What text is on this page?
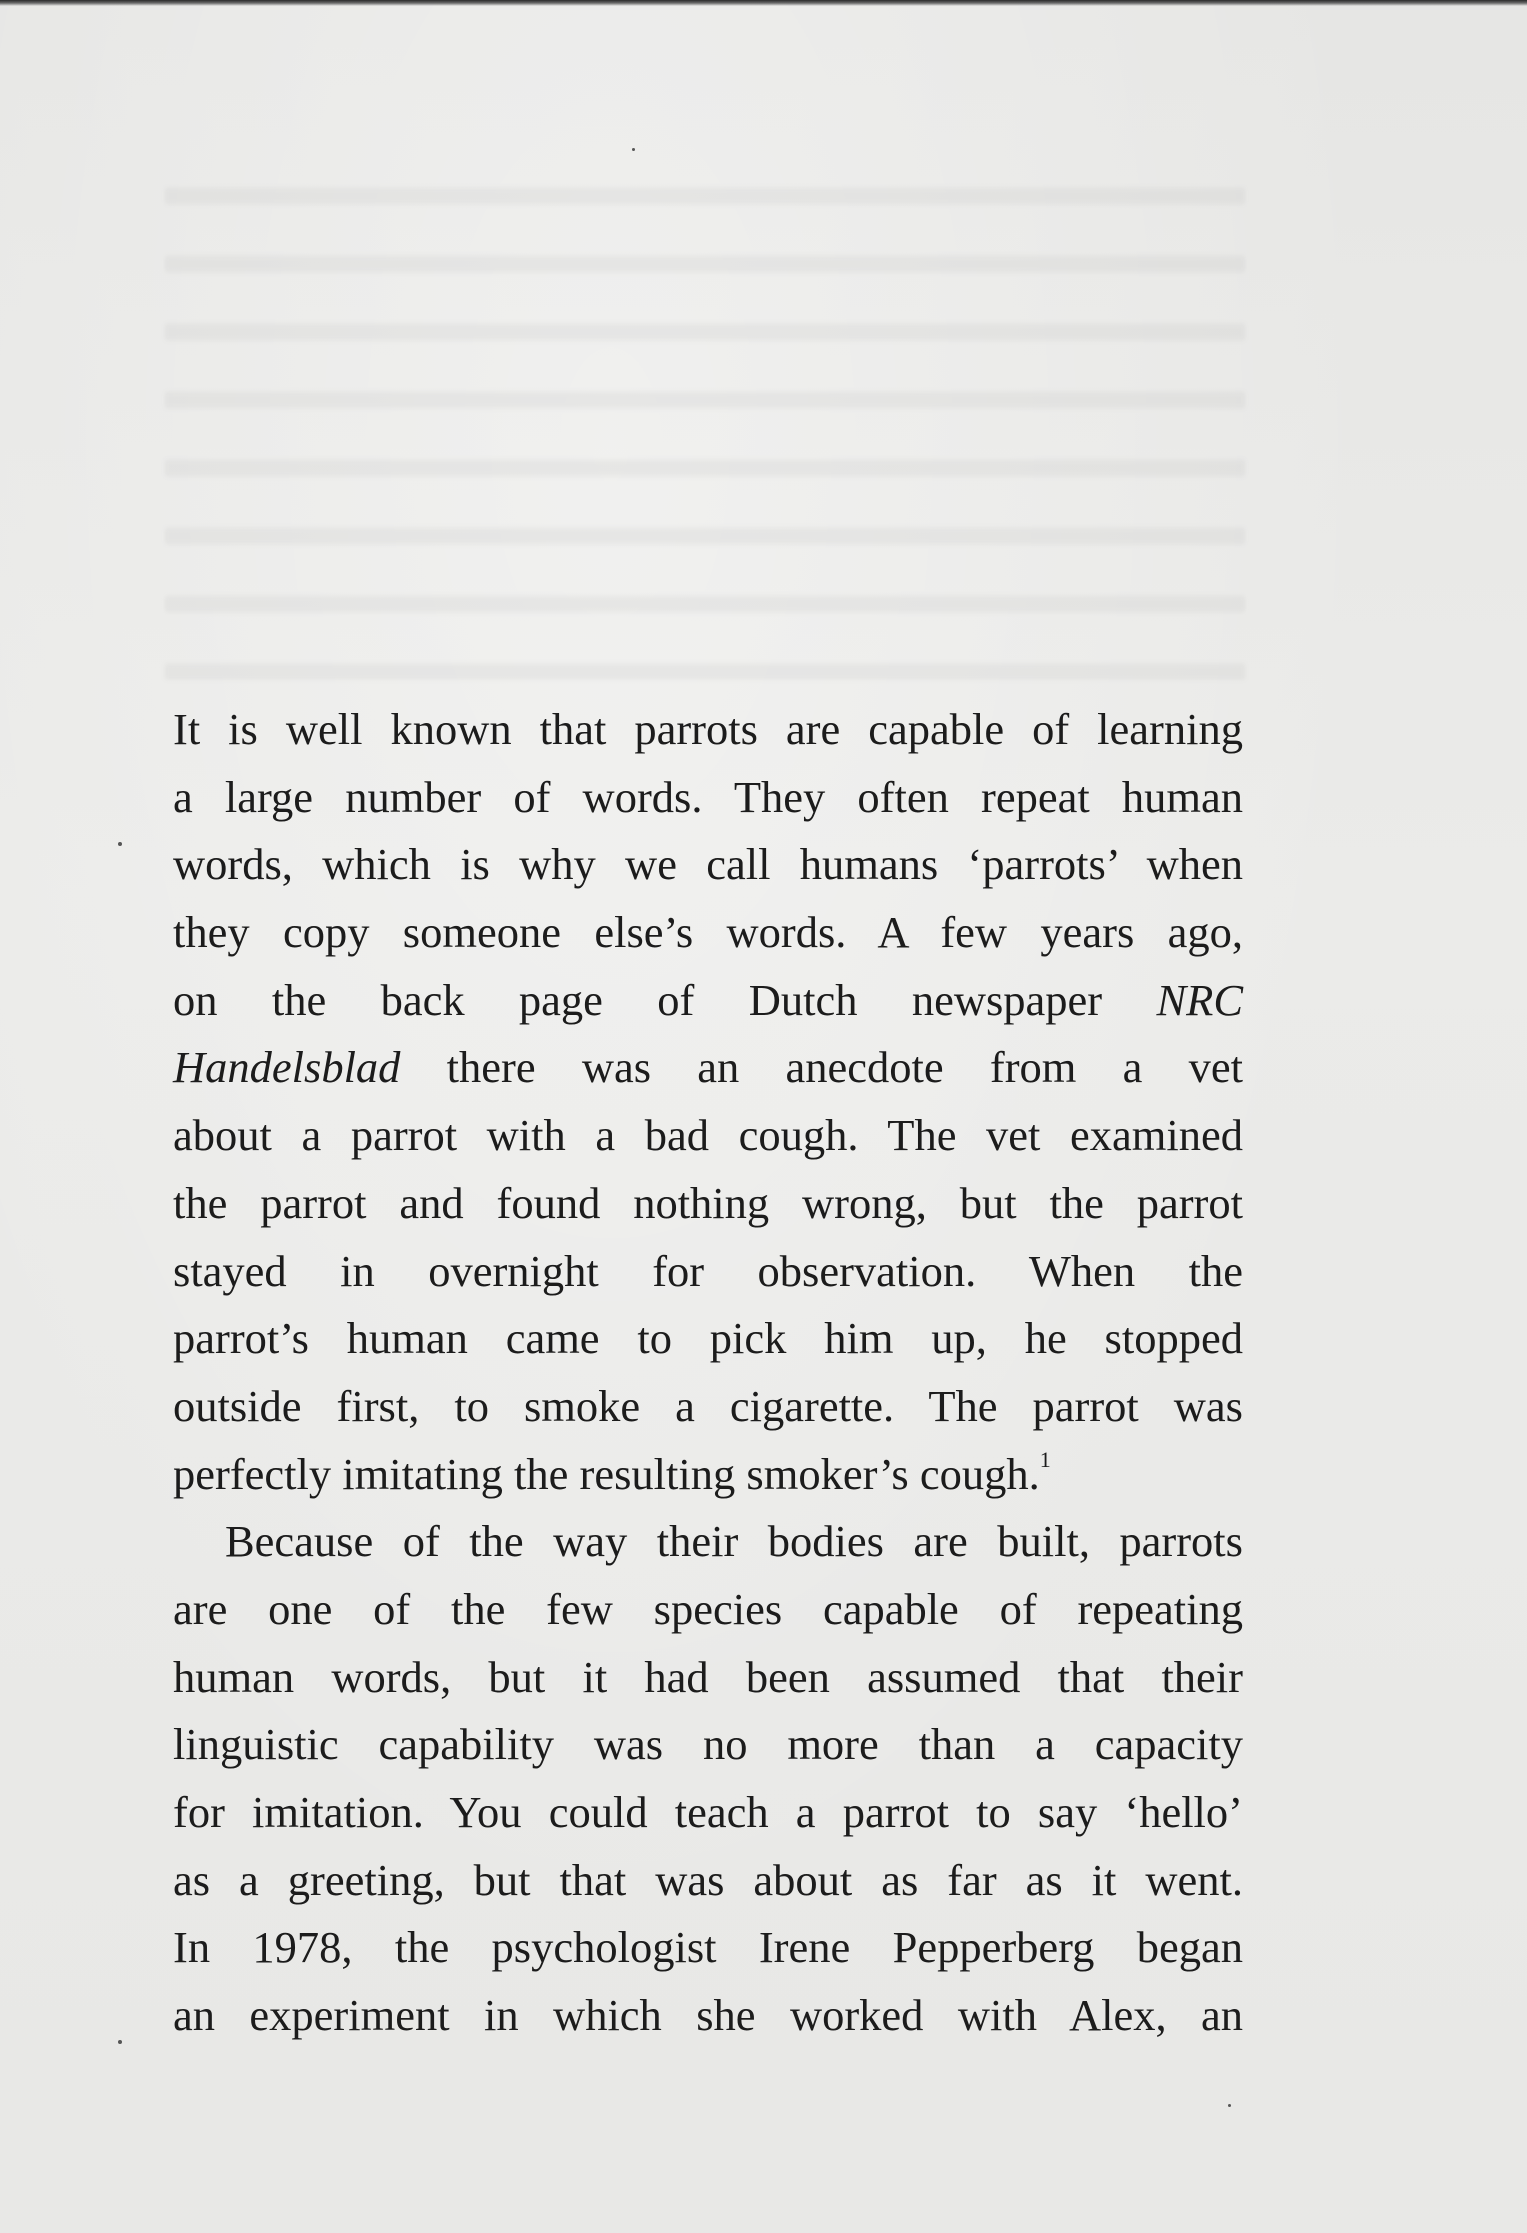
It is well known that parrots are capable of learning
a large number of words. They often repeat human
words, which is why we call humans ‘parrots’ when
they copy someone else’s words. A few years ago,
on the back page of Dutch newspaper NRC
Handelsblad there was an anecdote from a vet
about a parrot with a bad cough. The vet examined
the parrot and found nothing wrong, but the parrot
stayed in overnight for observation. When the
parrot’s human came to pick him up, he stopped
outside first, to smoke a cigarette. The parrot was
perfectly imitating the resulting smoker’s cough.$^1$

Because of the way their bodies are built, parrots
are one of the few species capable of repeating
human words, but it had been assumed that their
linguistic capability was no more than a capacity
for imitation. You could teach a parrot to say ‘hello’
as a greeting, but that was about as far as it went.
In 1978, the psychologist Irene Pepperberg began
an experiment in which she worked with Alex, an
